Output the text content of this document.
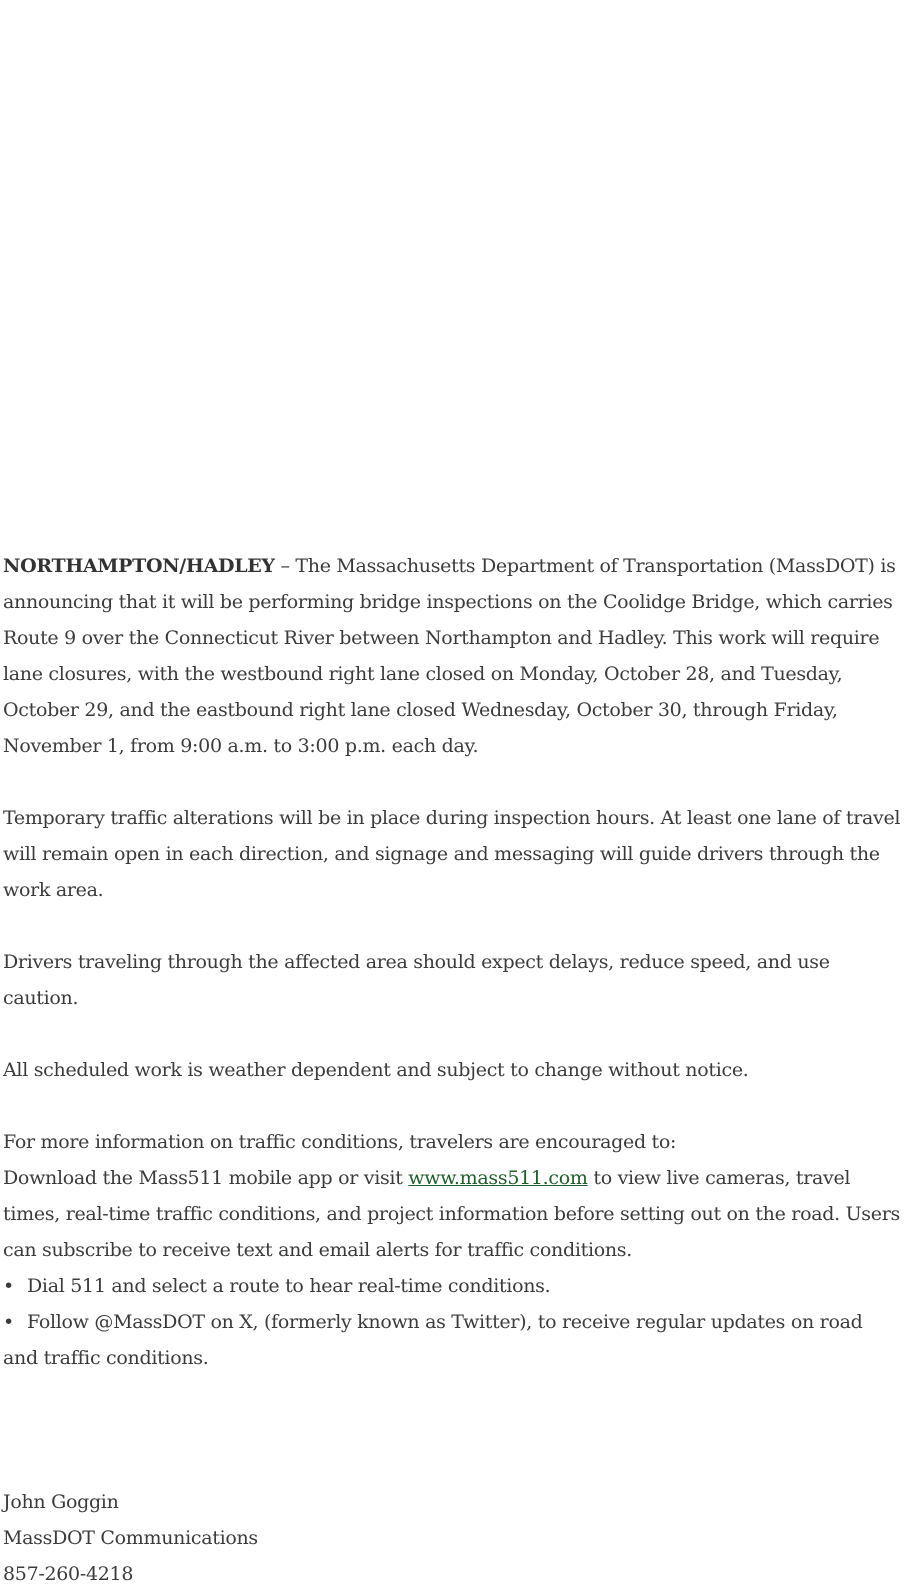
NORTHAMPTON/HADLEY – The Massachusetts Department of Transportation (MassDOT) is announcing that it will be performing bridge inspections on the Coolidge Bridge, which carries Route 9 over the Connecticut River between Northampton and Hadley. This work will require lane closures, with the westbound right lane closed on Monday, October 28, and Tuesday, October 29, and the eastbound right lane closed Wednesday, October 30, through Friday, November 1, from 9:00 a.m. to 3:00 p.m. each day.

Temporary traffic alterations will be in place during inspection hours. At least one lane of travel will remain open in each direction, and signage and messaging will guide drivers through the work area.

Drivers traveling through the affected area should expect delays, reduce speed, and use caution.

All scheduled work is weather dependent and subject to change without notice.

For more information on traffic conditions, travelers are encouraged to:

Download the Mass511 mobile app or visit www.mass511.com to view live cameras, travel times, real-time traffic conditions, and project information before setting out on the road. Users can subscribe to receive text and email alerts for traffic conditions.

• Dial 511 and select a route to hear real-time conditions.

• Follow @MassDOT on X, (formerly known as Twitter), to receive regular updates on road and traffic conditions.

John Goggin

MassDOT Communications

857-260-4218
